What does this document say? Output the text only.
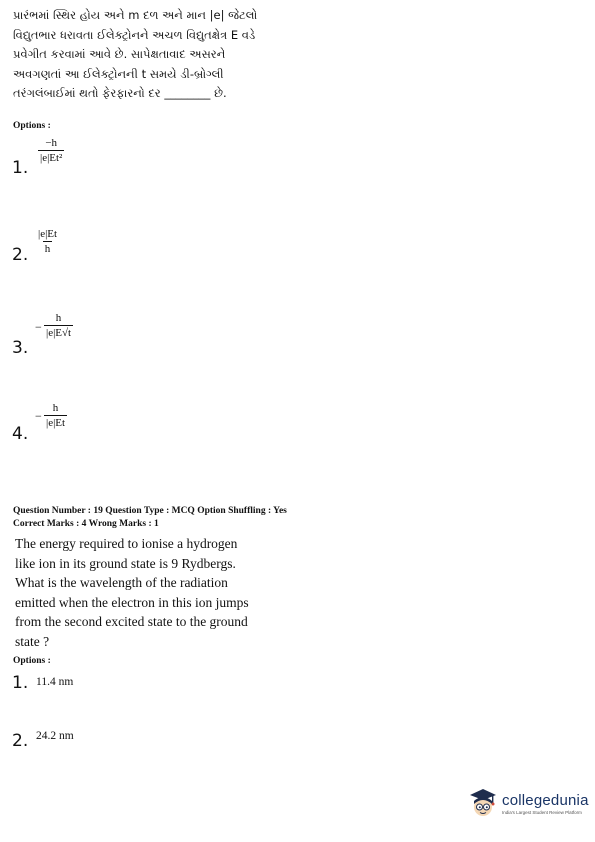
પ્રારંભમાં સ્થિર હોય અને m દળ અને માન |e| જેટલો

વિદ્યુતભાર ધરાવતા ઈલેક્ટ્રોનને અચળ વિદ્યુતક્ષેત્ર E વડે

પ્રવેગીત કરવામાં આવે છે. સાપેક્ષતાવાદ અસરને

અવગણતાં આ ઈલેક્ટ્રોનની t સમયે ડી-બ્રોગ્લી

તરંગલંબાઈમાં થતો ફેરફારનો દર ________ છે.

Options :
1.
$\frac{-h}{\text{|e|Et²}}$
2. $\frac{|e|Et}{h}$
3.
− $\frac{h}{|e|E√t}$
4.
− $\frac{h}{|e|Et}$
Question Number : 19 Question Type : MCQ Option Shuffling : Yes
Correct Marks : 4 Wrong Marks : 1

The energy required to ionise a hydrogen

like ion in its ground state is 9 Rydbergs.

What is the wavelength of the radiation

emitted when the electron in this ion jumps

from the second excited state to the ground

state ?

Options :
1. 11.4 nm
2. 24.2 nm
collegedunia
India's Largest Student Review Platform
